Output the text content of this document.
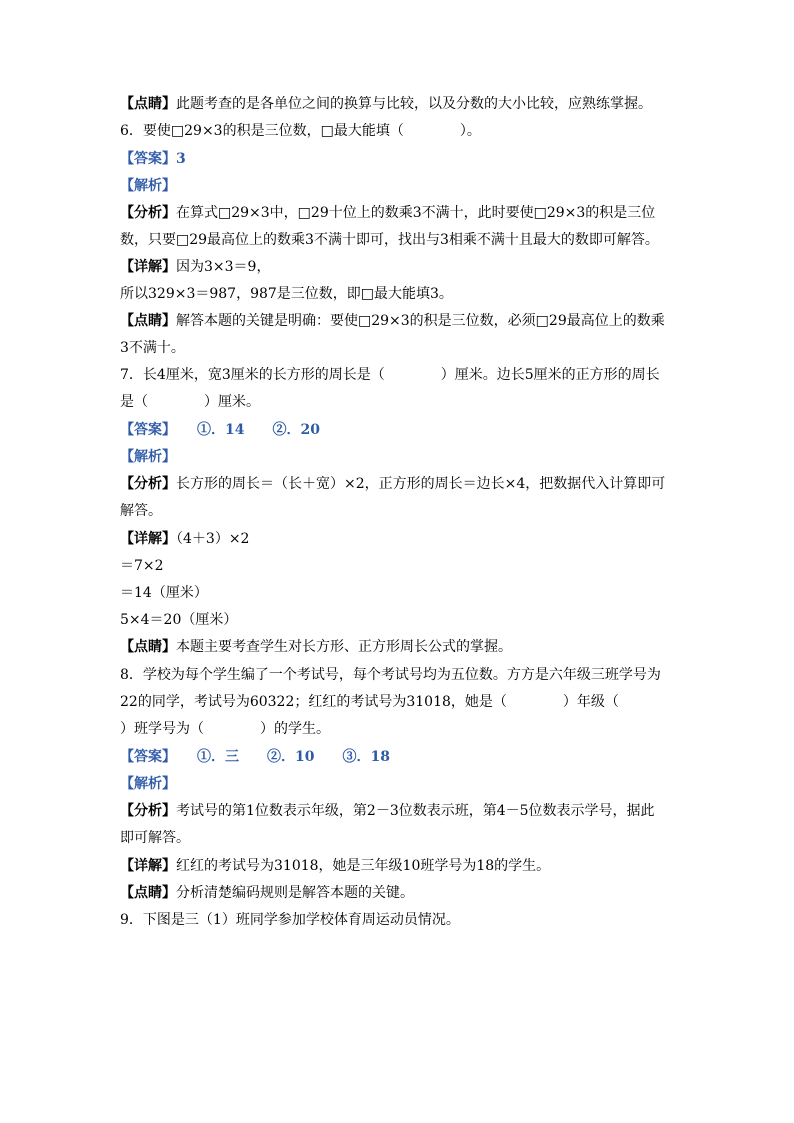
【点睛】此题考查的是各单位之间的换算与比较，以及分数的大小比较，应熟练掌握。
6．要使□29×3的积是三位数，□最大能填（　　　　）。
【答案】3
【解析】
【分析】在算式□29×3中，□29十位上的数乘3不满十，此时要使□29×3的积是三位
数，只要□29最高位上的数乘3不满十即可，找出与3相乘不满十且最大的数即可解答。
【详解】因为3×3＝9，
所以329×3＝987，987是三位数，即□最大能填3。
【点睛】解答本题的关键是明确：要使□29×3的积是三位数，必须□29最高位上的数乘
3不满十。
7．长4厘米，宽3厘米的长方形的周长是（　　　　）厘米。边长5厘米的正方形的周长
是（　　　　）厘米。
【答案】　　①．14　　②．20
【解析】
【分析】长方形的周长＝（长＋宽）×2，正方形的周长＝边长×4，把数据代入计算即可
解答。
【详解】（4＋3）×2
＝7×2
＝14（厘米）
5×4＝20（厘米）
【点睛】本题主要考查学生对长方形、正方形周长公式的掌握。
8．学校为每个学生编了一个考试号，每个考试号均为五位数。方方是六年级三班学号为
22的同学，考试号为60322；红红的考试号为31018，她是（　　　　）年级（
）班学号为（　　　　）的学生。
【答案】　　①．三　　②．10　　③．18
【解析】
【分析】考试号的第1位数表示年级，第2－3位数表示班，第4－5位数表示学号，据此
即可解答。
【详解】红红的考试号为31018，她是三年级10班学号为18的学生。
【点睛】分析清楚编码规则是解答本题的关键。
9．下图是三（1）班同学参加学校体育周运动员情况。
